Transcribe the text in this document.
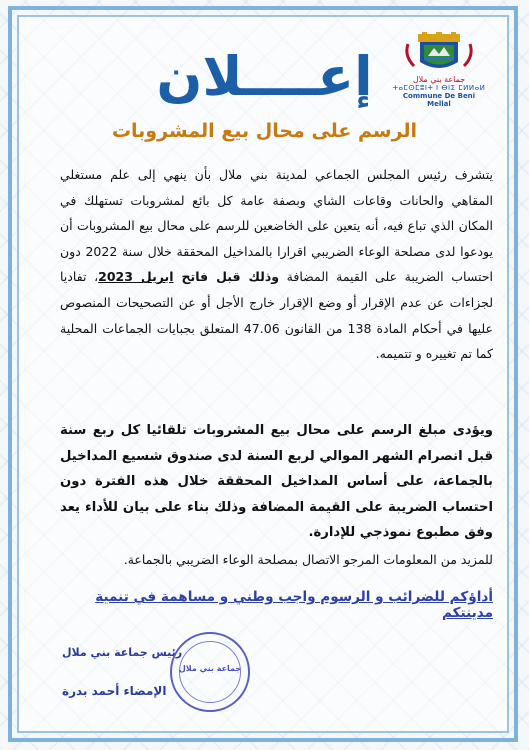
جماعة بني ملال
ⵜⴰⵎⵙⵎⵓⵏⵜ ⵏ ⴱⵏⵉ ⵎⵍⵍⴰⵍ
Commune De Beni Mellal
إعــــلان
الرسم على محال بيع المشروبات
يتشرف رئيس المجلس الجماعي لمدينة بني ملال بأن ينهي إلى علم مستغلي المقاهي والحانات وقاعات الشاي وبصفة عامة كل بائع لمشروبات تستهلك في المكان الذي تباع فيه، أنه يتعين على الخاضعين للرسم على محال بيع المشروبات أن يودعوا لدى مصلحة الوعاء الضريبي اقرارا بالمداخيل المحققة خلال سنة 2022 دون احتساب الضريبة على القيمة المضافة وذلك قبل فاتح ابريل 2023، تفاديا لجزاءات عن عدم الإقرار أو وضع الإقرار خارج الأجل أو عن التصحيحات المنصوص عليها في أحكام المادة 138 من القانون 47.06 المتعلق بجبايات الجماعات المحلية كما تم تغييره و تتميمه.
ويؤدى مبلغ الرسم على محال بيع المشروبات تلقائيا كل ربع سنة قبل انصرام الشهر الموالي لربع السنة لدى صندوق شسيع المداخيل بالجماعة، على أساس المداخيل المحققة خلال هذه الفترة دون احتساب الضريبة على القيمة المضافة وذلك بناء على بيان للأداء يعد وفق مطبوع نموذجي للإدارة.
للمزيد من المعلومات المرجو الاتصال بمصلحة الوعاء الضريبي بالجماعة.
أداؤكم للضرائب و الرسوم واجب وطني و مساهمة في تنمية مدينتكم
رئيس جماعة بني ملال
الإمضاء أحمد بدرة
جماعة بني ملال
